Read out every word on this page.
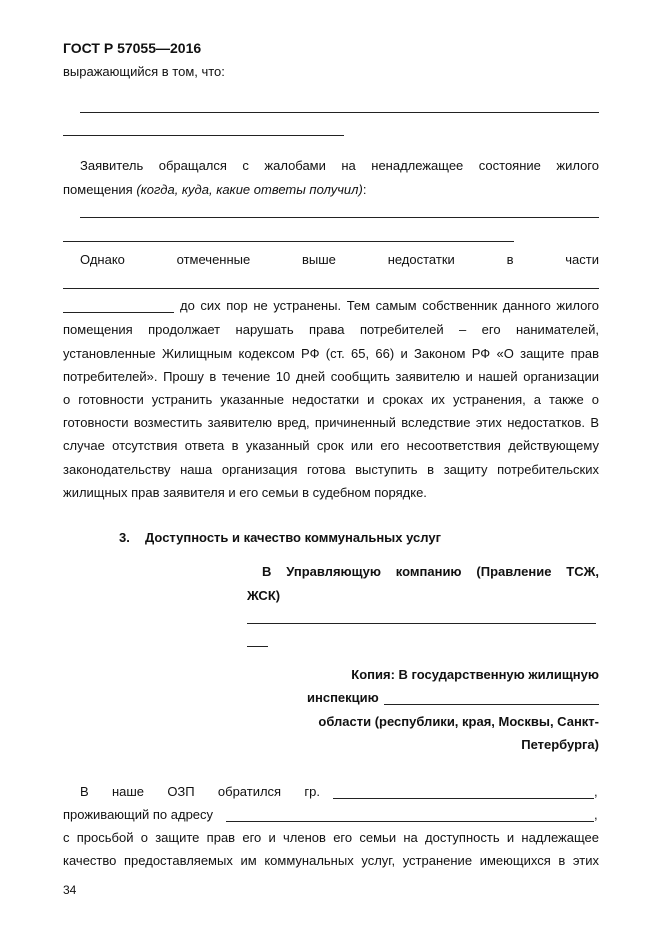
ГОСТ Р 57055—2016
выражающийся в том, что:
Заявитель обращался с жалобами на ненадлежащее состояние жилого
помещения (когда, куда, какие ответы получил):
Однако	отмеченные	выше	недостатки	в	части
до сих пор не устранены. Тем самым собственник данного жилого
помещения продолжает нарушать права потребителей – его нанимателей,
установленные Жилищным кодексом РФ (ст. 65, 66) и Законом РФ «О защите прав
потребителей». Прошу в течение 10 дней сообщить заявителю и нашей организации
о готовности устранить указанные недостатки и сроках их устранения, а также о
готовности возместить заявителю вред, причиненный вследствие этих недостатков. В
случае отсутствия ответа в указанный срок или его несоответствия действующему
законодательству наша организация готова выступить в защиту потребительских
жилищных прав заявителя и его семьи в судебном порядке.
3.	Доступность и качество коммунальных услуг
В Управляющую компанию (Правление ТСЖ,
ЖСК)
Копия: В государственную жилищную
инспекцию
области (республики, края, Москвы, Санкт-
Петербурга)
В наше ОЗП обратился гр.	,
проживающий по адресу	,
с просьбой о защите прав его и членов его семьи на доступность и надлежащее
качество предоставляемых им коммунальных услуг, устранение имеющихся в этих
34
